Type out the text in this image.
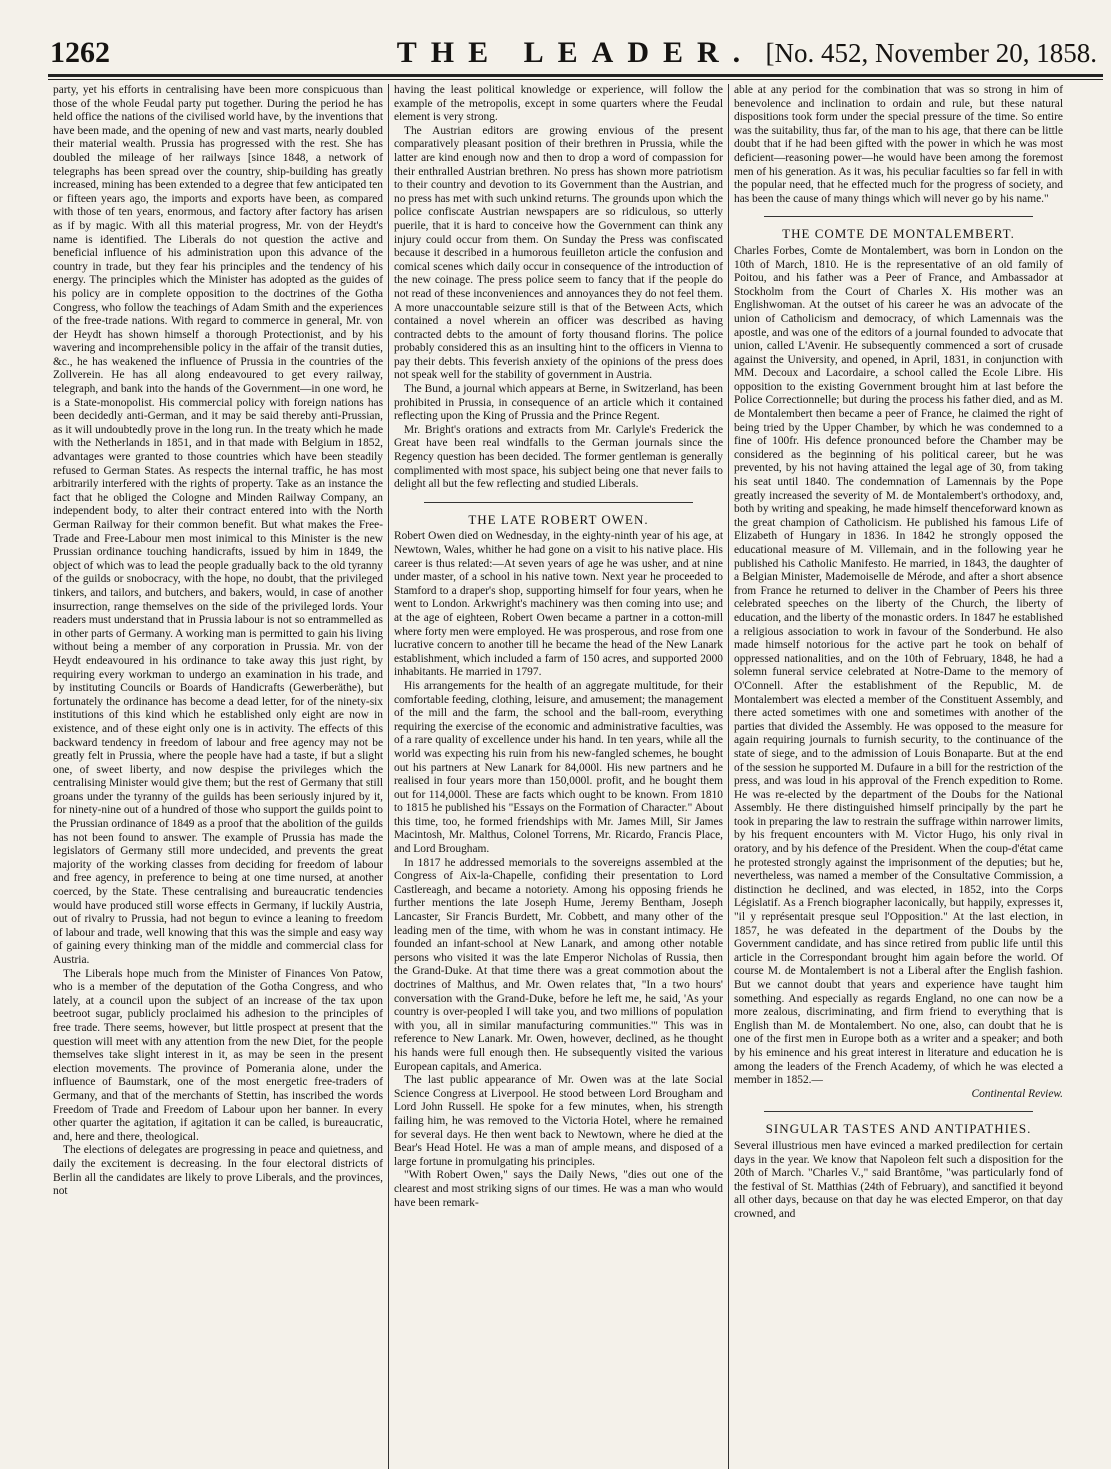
1262	THE LEADER. [No. 452, November 20, 1858.

party, yet his efforts in centralising have been more conspicuous than those of the whole Feudal party put together. During the period he has held office the nations of the civilised world have, by the inventions that have been made, and the opening of new and vast marts, nearly doubled their material wealth. Prussia has progressed with the rest. She has doubled the mileage of her railways [since 1848, a network of telegraphs has been spread over the country, ship-building has greatly increased, mining has been extended to a degree that few anticipated ten or fifteen years ago, the imports and exports have been, as compared with those of ten years, enormous, and factory after factory has arisen as if by magic. With all this material progress, Mr. von der Heydt's name is identified. The Liberals do not question the active and beneficial influence of his administration upon this advance of the country in trade, but they fear his principles and the tendency of his energy. The principles which the Minister has adopted as the guides of his policy are in complete opposition to the doctrines of the Gotha Congress, who follow the teachings of Adam Smith and the experiences of the free-trade nations. With regard to commerce in general, Mr. von der Heydt has shown himself a thorough Protectionist, and by his wavering and incomprehensible policy in the affair of the transit duties, &c., he has weakened the influence of Prussia in the countries of the Zollverein. He has all along endeavoured to get every railway, telegraph, and bank into the hands of the Government—in one word, he is a State-monopolist. His commercial policy with foreign nations has been decidedly anti-German, and it may be said thereby anti-Prussian, as it will undoubtedly prove in the long run. In the treaty which he made with the Netherlands in 1851, and in that made with Belgium in 1852, advantages were granted to those countries which have been steadily refused to German States. As respects the internal traffic, he has most arbitrarily interfered with the rights of property. Take as an instance the fact that he obliged the Cologne and Minden Railway Company, an independent body, to alter their contract entered into with the North German Railway for their common benefit. But what makes the Free-Trade and Free-Labour men most inimical to this Minister is the new Prussian ordinance touching handicrafts, issued by him in 1849, the object of which was to lead the people gradually back to the old tyranny of the guilds or snobocracy, with the hope, no doubt, that the privileged tinkers, and tailors, and butchers, and bakers, would, in case of another insurrection, range themselves on the side of the privileged lords. Your readers must understand that in Prussia labour is not so entrammelled as in other parts of Germany. A working man is permitted to gain his living without being a member of any corporation in Prussia. Mr. von der Heydt endeavoured in his ordinance to take away this just right, by requiring every workman to undergo an examination in his trade, and by instituting Councils or Boards of Handicrafts (Gewerberäthe), but fortunately the ordinance has become a dead letter, for of the ninety-six institutions of this kind which he established only eight are now in existence, and of these eight only one is in activity. The effects of this backward tendency in freedom of labour and free agency may not be greatly felt in Prussia, where the people have had a taste, if but a slight one, of sweet liberty, and now despise the privileges which the centralising Minister would give them; but the rest of Germany that still groans under the tyranny of the guilds has been seriously injured by it, for ninety-nine out of a hundred of those who support the guilds point to the Prussian ordinance of 1849 as a proof that the abolition of the guilds has not been found to answer. The example of Prussia has made the legislators of Germany still more undecided, and prevents the great majority of the working classes from deciding for freedom of labour and free agency, in preference to being at one time nursed, at another coerced, by the State. These centralising and bureaucratic tendencies would have produced still worse effects in Germany, if luckily Austria, out of rivalry to Prussia, had not begun to evince a leaning to freedom of labour and trade, well knowing that this was the simple and easy way of gaining every thinking man of the middle and commercial class for Austria.

The Liberals hope much from the Minister of Finances Von Patow, who is a member of the deputation of the Gotha Congress, and who lately, at a council upon the subject of an increase of the tax upon beetroot sugar, publicly proclaimed his adhesion to the principles of free trade. There seems, however, but little prospect at present that the question will meet with any attention from the new Diet, for the people themselves take slight interest in it, as may be seen in the present election movements. The province of Pomerania alone, under the influence of Baumstark, one of the most energetic free-traders of Germany, and that of the merchants of Stettin, has inscribed the words Freedom of Trade and Freedom of Labour upon her banner. In every other quarter the agitation, if agitation it can be called, is bureaucratic, and, here and there, theological.

The elections of delegates are progressing in peace and quietness, and daily the excitement is decreasing. In the four electoral districts of Berlin all the candidates are likely to prove Liberals, and the provinces, not

having the least political knowledge or experience, will follow the example of the metropolis, except in some quarters where the Feudal element is very strong.

The Austrian editors are growing envious of the present comparatively pleasant position of their brethren in Prussia, while the latter are kind enough now and then to drop a word of compassion for their enthralled Austrian brethren. No press has shown more patriotism to their country and devotion to its Government than the Austrian, and no press has met with such unkind returns. The grounds upon which the police confiscate Austrian newspapers are so ridiculous, so utterly puerile, that it is hard to conceive how the Government can think any injury could occur from them. On Sunday the Press was confiscated because it described in a humorous feuilleton article the confusion and comical scenes which daily occur in consequence of the introduction of the new coinage. The press police seem to fancy that if the people do not read of these inconveniences and annoyances they do not feel them. A more unaccountable seizure still is that of the Between Acts, which contained a novel wherein an officer was described as having contracted debts to the amount of forty thousand florins. The police probably considered this as an insulting hint to the officers in Vienna to pay their debts. This feverish anxiety of the opinions of the press does not speak well for the stability of government in Austria.

The Bund, a journal which appears at Berne, in Switzerland, has been prohibited in Prussia, in consequence of an article which it contained reflecting upon the King of Prussia and the Prince Regent.

Mr. Bright's orations and extracts from Mr. Carlyle's Frederick the Great have been real windfalls to the German journals since the Regency question has been decided. The former gentleman is generally complimented with most space, his subject being one that never fails to delight all but the few reflecting and studied Liberals.

THE LATE ROBERT OWEN.

Robert Owen died on Wednesday, in the eighty-ninth year of his age, at Newtown, Wales, whither he had gone on a visit to his native place. His career is thus related:—At seven years of age he was usher, and at nine under master, of a school in his native town. Next year he proceeded to Stamford to a draper's shop, supporting himself for four years, when he went to London. Arkwright's machinery was then coming into use; and at the age of eighteen, Robert Owen became a partner in a cotton-mill where forty men were employed. He was prosperous, and rose from one lucrative concern to another till he became the head of the New Lanark establishment, which included a farm of 150 acres, and supported 2000 inhabitants. He married in 1797.

His arrangements for the health of an aggregate multitude, for their comfortable feeding, clothing, leisure, and amusement; the management of the mill and the farm, the school and the ball-room, everything requiring the exercise of the economic and administrative faculties, was of a rare quality of excellence under his hand. In ten years, while all the world was expecting his ruin from his new-fangled schemes, he bought out his partners at New Lanark for 84,000l. His new partners and he realised in four years more than 150,000l. profit, and he bought them out for 114,000l. These are facts which ought to be known. From 1810 to 1815 he published his "Essays on the Formation of Character." About this time, too, he formed friendships with Mr. James Mill, Sir James Macintosh, Mr. Malthus, Colonel Torrens, Mr. Ricardo, Francis Place, and Lord Brougham.

In 1817 he addressed memorials to the sovereigns assembled at the Congress of Aix-la-Chapelle, confiding their presentation to Lord Castlereagh, and became a notoriety. Among his opposing friends he further mentions the late Joseph Hume, Jeremy Bentham, Joseph Lancaster, Sir Francis Burdett, Mr. Cobbett, and many other of the leading men of the time, with whom he was in constant intimacy. He founded an infant-school at New Lanark, and among other notable persons who visited it was the late Emperor Nicholas of Russia, then the Grand-Duke. At that time there was a great commotion about the doctrines of Malthus, and Mr. Owen relates that, "In a two hours' conversation with the Grand-Duke, before he left me, he said, 'As your country is over-peopled I will take you, and two millions of population with you, all in similar manufacturing communities.'" This was in reference to New Lanark. Mr. Owen, however, declined, as he thought his hands were full enough then. He subsequently visited the various European capitals, and America.

The last public appearance of Mr. Owen was at the late Social Science Congress at Liverpool. He stood between Lord Brougham and Lord John Russell. He spoke for a few minutes, when, his strength failing him, he was removed to the Victoria Hotel, where he remained for several days. He then went back to Newtown, where he died at the Bear's Head Hotel. He was a man of ample means, and disposed of a large fortune in promulgating his principles.

"With Robert Owen," says the Daily News, "dies out one of the clearest and most striking signs of our times. He was a man who would have been remark-

able at any period for the combination that was so strong in him of benevolence and inclination to ordain and rule, but these natural dispositions took form under the special pressure of the time. So entire was the suitability, thus far, of the man to his age, that there can be little doubt that if he had been gifted with the power in which he was most deficient—reasoning power—he would have been among the foremost men of his generation. As it was, his peculiar faculties so far fell in with the popular need, that he effected much for the progress of society, and has been the cause of many things which will never go by his name."

THE COMTE DE MONTALEMBERT.

Charles Forbes, Comte de Montalembert, was born in London on the 10th of March, 1810. He is the representative of an old family of Poitou, and his father was a Peer of France, and Ambassador at Stockholm from the Court of Charles X. His mother was an Englishwoman. At the outset of his career he was an advocate of the union of Catholicism and democracy, of which Lamennais was the apostle, and was one of the editors of a journal founded to advocate that union, called L'Avenir. He subsequently commenced a sort of crusade against the University, and opened, in April, 1831, in conjunction with MM. Decoux and Lacordaire, a school called the Ecole Libre. His opposition to the existing Government brought him at last before the Police Correctionnelle; but during the process his father died, and as M. de Montalembert then became a peer of France, he claimed the right of being tried by the Upper Chamber, by which he was condemned to a fine of 100fr. His defence pronounced before the Chamber may be considered as the beginning of his political career, but he was prevented, by his not having attained the legal age of 30, from taking his seat until 1840. The condemnation of Lamennais by the Pope greatly increased the severity of M. de Montalembert's orthodoxy, and, both by writing and speaking, he made himself thenceforward known as the great champion of Catholicism. He published his famous Life of Elizabeth of Hungary in 1836. In 1842 he strongly opposed the educational measure of M. Villemain, and in the following year he published his Catholic Manifesto. He married, in 1843, the daughter of a Belgian Minister, Mademoiselle de Mérode, and after a short absence from France he returned to deliver in the Chamber of Peers his three celebrated speeches on the liberty of the Church, the liberty of education, and the liberty of the monastic orders. In 1847 he established a religious association to work in favour of the Sonderbund. He also made himself notorious for the active part he took on behalf of oppressed nationalities, and on the 10th of February, 1848, he had a solemn funeral service celebrated at Notre-Dame to the memory of O'Connell. After the establishment of the Republic, M. de Montalembert was elected a member of the Constituent Assembly, and there acted sometimes with one and sometimes with another of the parties that divided the Assembly. He was opposed to the measure for again requiring journals to furnish security, to the continuance of the state of siege, and to the admission of Louis Bonaparte. But at the end of the session he supported M. Dufaure in a bill for the restriction of the press, and was loud in his approval of the French expedition to Rome. He was re-elected by the department of the Doubs for the National Assembly. He there distinguished himself principally by the part he took in preparing the law to restrain the suffrage within narrower limits, by his frequent encounters with M. Victor Hugo, his only rival in oratory, and by his defence of the President. When the coup-d'état came he protested strongly against the imprisonment of the deputies; but he, nevertheless, was named a member of the Consultative Commission, a distinction he declined, and was elected, in 1852, into the Corps Législatif. As a French biographer laconically, but happily, expresses it, "il y représentait presque seul l'Opposition." At the last election, in 1857, he was defeated in the department of the Doubs by the Government candidate, and has since retired from public life until this article in the Correspondant brought him again before the world. Of course M. de Montalembert is not a Liberal after the English fashion. But we cannot doubt that years and experience have taught him something. And especially as regards England, no one can now be a more zealous, discriminating, and firm friend to everything that is English than M. de Montalembert. No one, also, can doubt that he is one of the first men in Europe both as a writer and a speaker; and both by his eminence and his great interest in literature and education he is among the leaders of the French Academy, of which he was elected a member in 1852.—

Continental Review.
SINGULAR TASTES AND ANTIPATHIES.

Several illustrious men have evinced a marked predilection for certain days in the year. We know that Napoleon felt such a disposition for the 20th of March. "Charles V.," said Brantôme, "was particularly fond of the festival of St. Matthias (24th of February), and sanctified it beyond all other days, because on that day he was elected Emperor, on that day crowned, and
